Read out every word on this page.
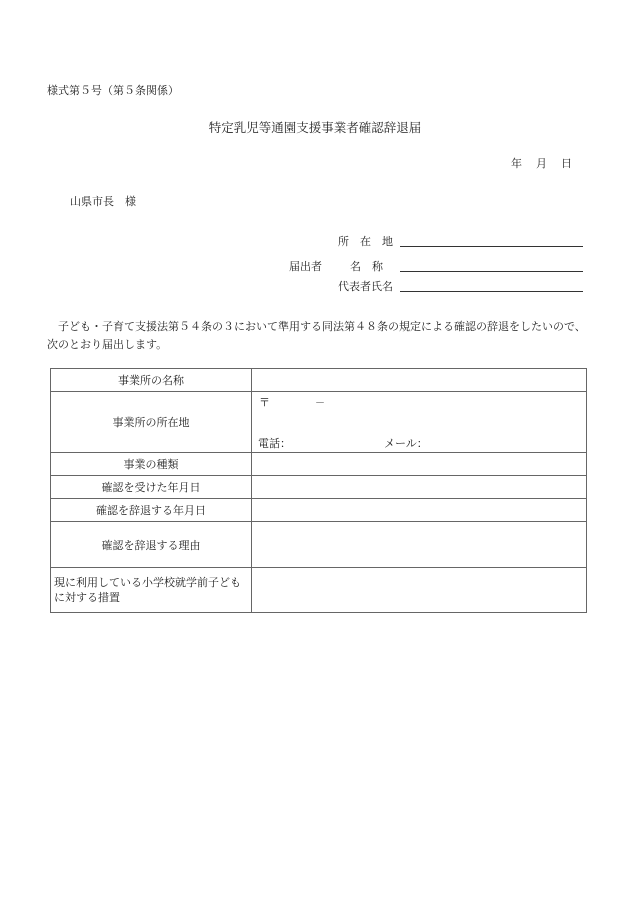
様式第５号（第５条関係）
特定乳児等通園支援事業者確認辞退届
年 月 日
山県市長　様
届出者
所　在　地
名　称
代表者氏名
子ども・子育て支援法第５４条の３において準用する同法第４８条の規定による確認の辞退をしたいので、次のとおり届出します。
事業所の名称	
事業所の所在地	〒 －
電話： メール：

事業の種類	
確認を受けた年月日	
確認を辞退する年月日	
確認を辞退する理由	
現に利用している小学校就学前子どもに対する措置	
